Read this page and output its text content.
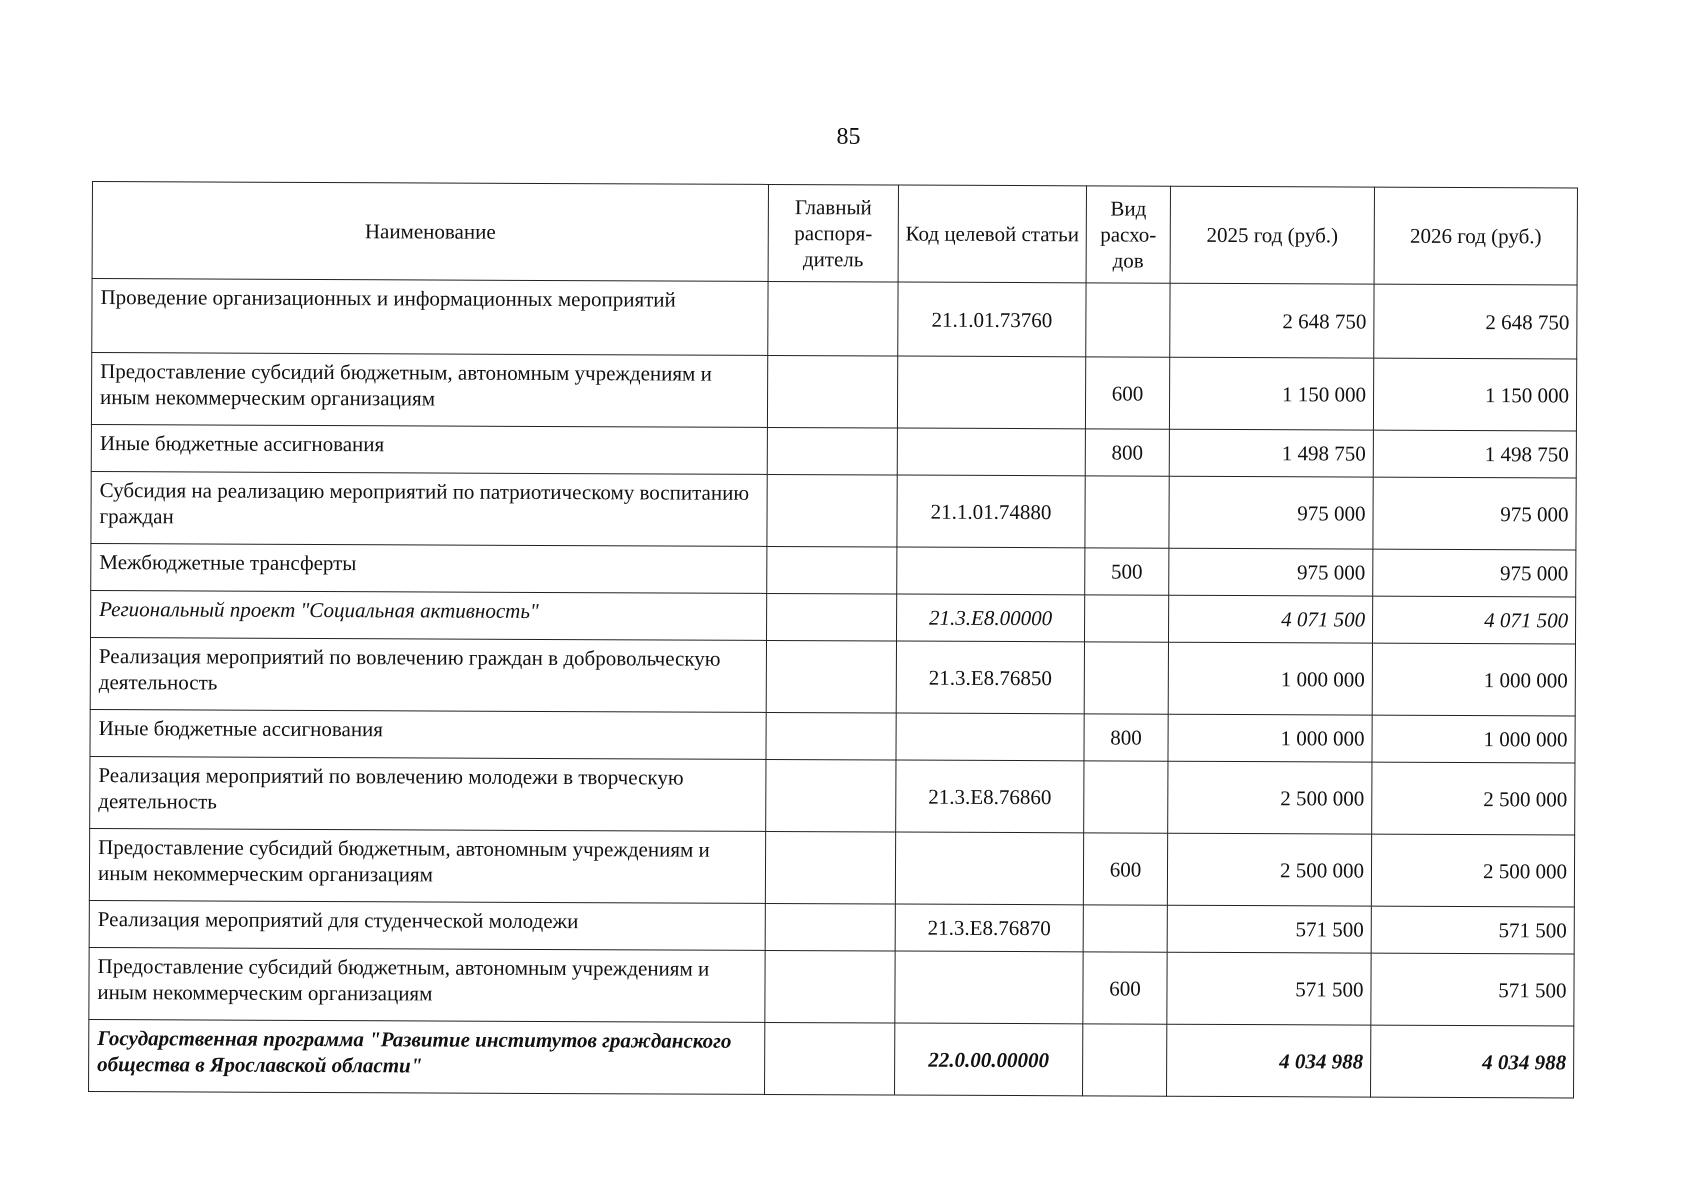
85
Наименование	Главный распоря-дитель	Код целевой статьи	Вид расхо-дов	2025 год (руб.)	2026 год (руб.)
Проведение организационных и информационных мероприятий		21.1.01.73760		2 648 750	2 648 750
Предоставление субсидий бюджетным, автономным учреждениям и иным некоммерческим организациям			600	1 150 000	1 150 000
Иные бюджетные ассигнования			800	1 498 750	1 498 750
Субсидия на реализацию мероприятий по патриотическому воспитанию граждан		21.1.01.74880		975 000	975 000
Межбюджетные трансферты			500	975 000	975 000
Региональный проект "Социальная активность"		21.3.Е8.00000		4 071 500	4 071 500
Реализация мероприятий по вовлечению граждан в добровольческую деятельность		21.3.Е8.76850		1 000 000	1 000 000
Иные бюджетные ассигнования			800	1 000 000	1 000 000
Реализация мероприятий по вовлечению молодежи в творческую деятельность		21.3.Е8.76860		2 500 000	2 500 000
Предоставление субсидий бюджетным, автономным учреждениям и иным некоммерческим организациям			600	2 500 000	2 500 000
Реализация мероприятий для студенческой молодежи		21.3.Е8.76870		571 500	571 500
Предоставление субсидий бюджетным, автономным учреждениям и иным некоммерческим организациям			600	571 500	571 500
Государственная программа "Развитие институтов гражданского общества в Ярославской области"		22.0.00.00000		4 034 988	4 034 988
